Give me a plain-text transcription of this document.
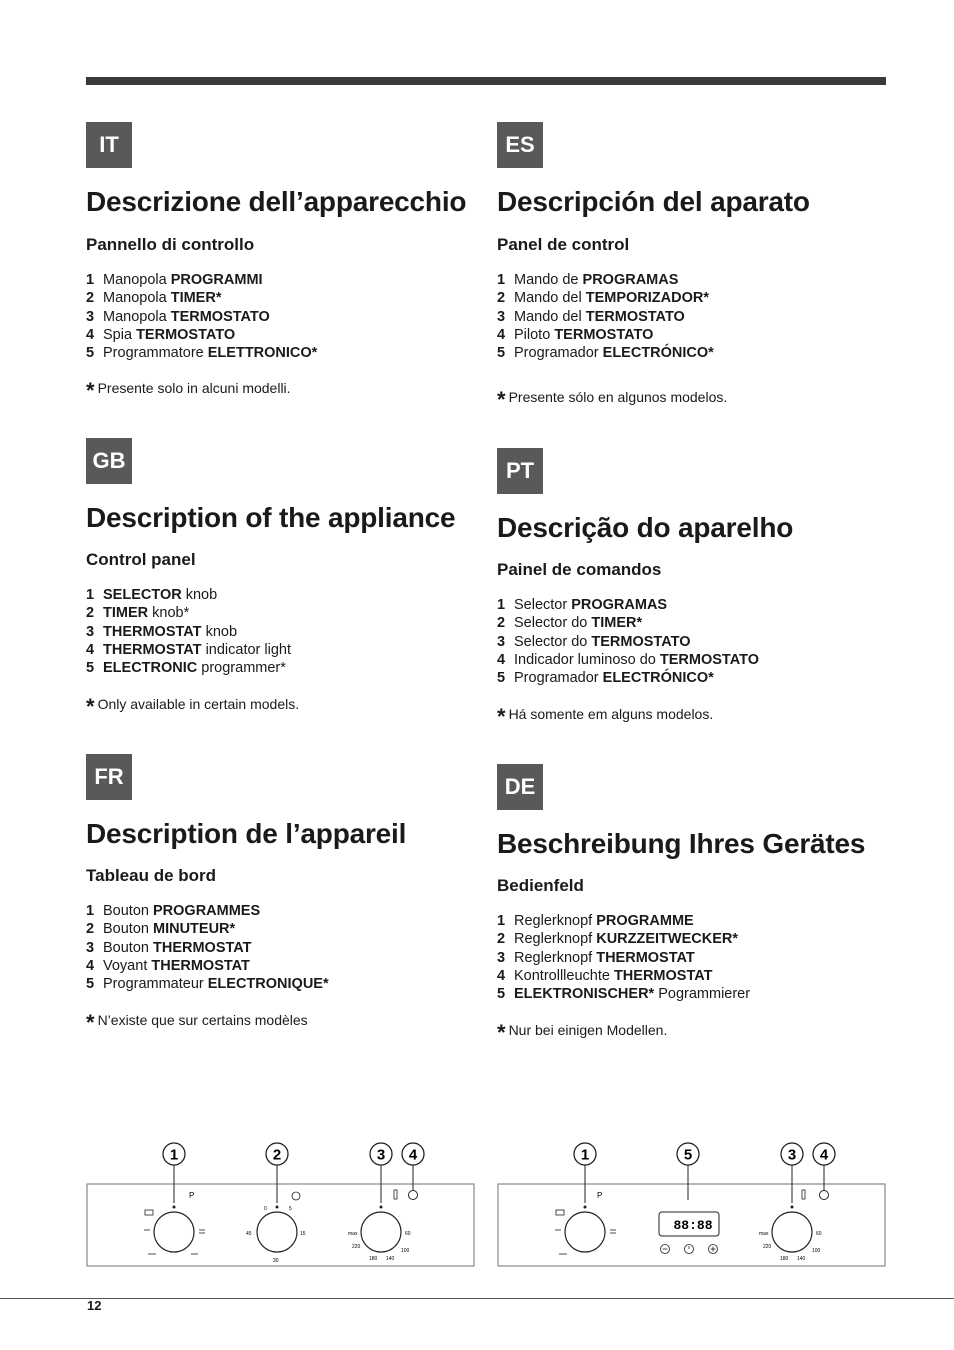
IT
Descrizione dell’apparecchio
Pannello di controllo
1 Manopola PROGRAMMI
2 Manopola TIMER*
3 Manopola TERMOSTATO
4 Spia TERMOSTATO
5 Programmatore ELETTRONICO*
* Presente solo in alcuni modelli.
ES
Descripción del aparato
Panel de control
1 Mando de PROGRAMAS
2 Mando del TEMPORIZADOR*
3 Mando del TERMOSTATO
4 Piloto TERMOSTATO
5 Programador ELECTRÓNICO*
* Presente sólo en algunos modelos.
GB
Description of the appliance
Control panel
1 SELECTOR knob
2 TIMER knob*
3 THERMOSTAT knob
4 THERMOSTAT indicator light
5 ELECTRONIC programmer*
* Only available in certain models.
PT
Descrição do aparelho
Painel de comandos
1 Selector PROGRAMAS
2 Selector do TIMER*
3 Selector do TERMOSTATO
4 Indicador luminoso do TERMOSTATO
5 Programador ELECTRÓNICO*
* Há somente em alguns modelos.
FR
Description de l’appareil
Tableau de bord
1 Bouton PROGRAMMES
2 Bouton MINUTEUR*
3 Bouton THERMOSTAT
4 Voyant THERMOSTAT
5 Programmateur ELECTRONIQUE*
* N’existe que sur certains modèles
DE
Beschreibung Ihres Gerätes
Bedienfeld
1 Reglerknopf PROGRAMME
2 Reglerknopf KURZZEITWECKER*
3 Reglerknopf THERMOSTAT
4 Kontrollleuchte THERMOSTAT
5 ELEKTRONISCHER* Pogrammierer
* Nur bei einigen Modellen.
1	2	3 4
P
0	5
15
30
45	max	60
100
140
180
220
1	5	3 4
P
88:88
max	60
100
140
180
220
12
